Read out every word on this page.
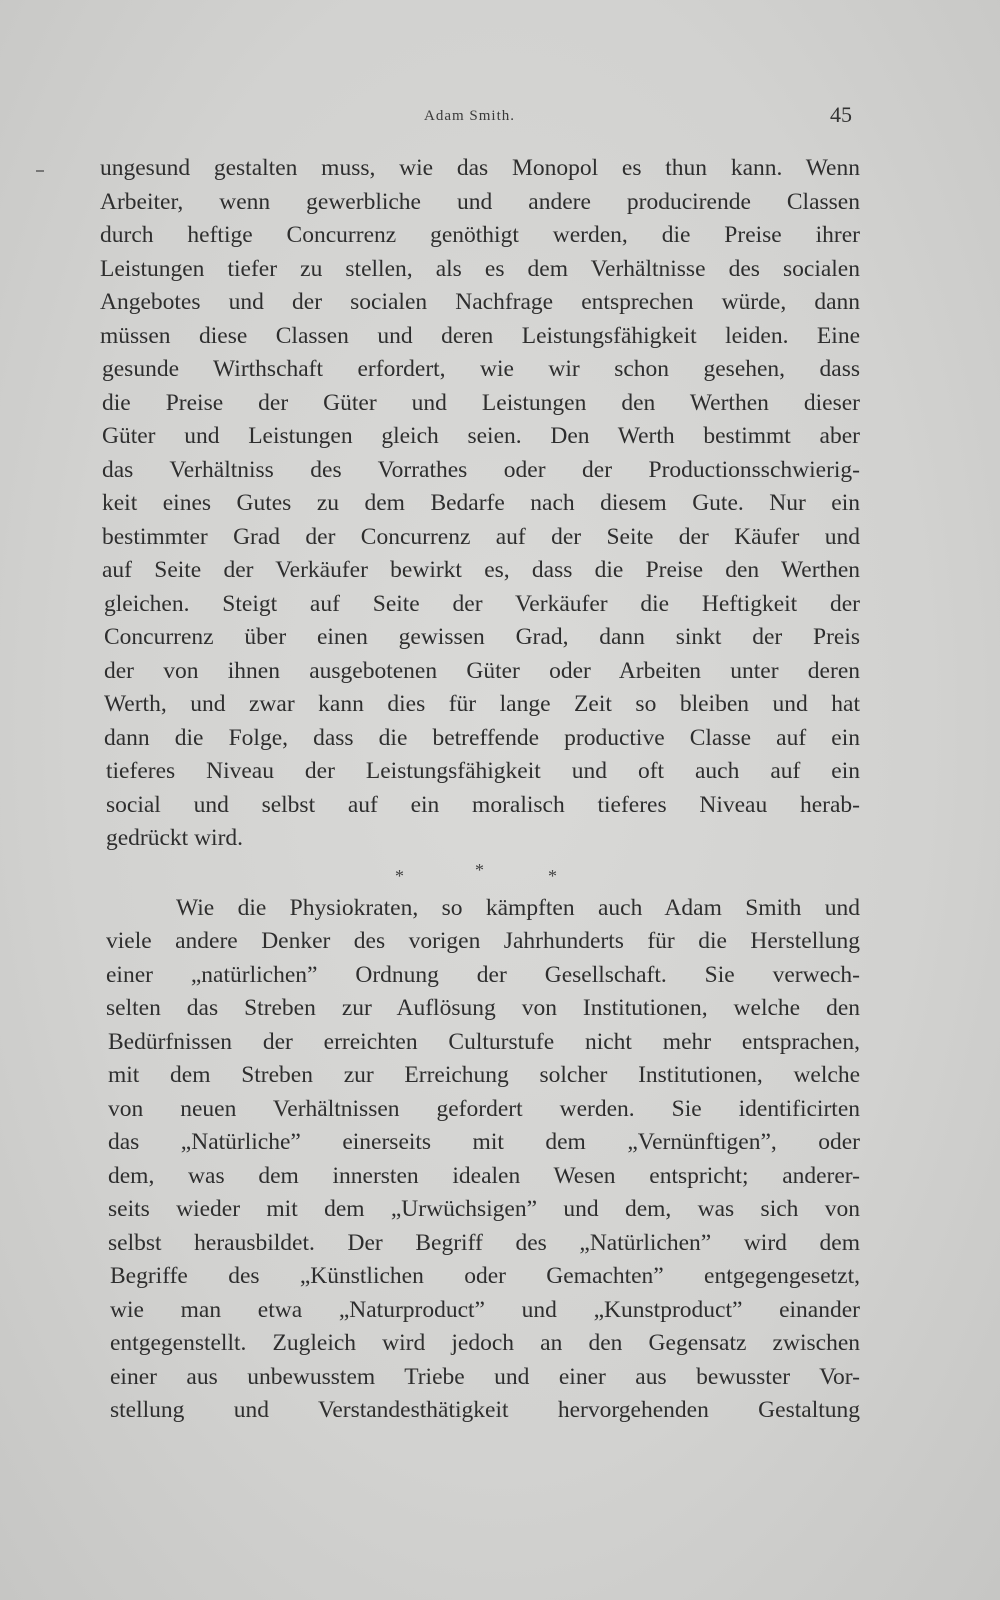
Adam Smith.	45
ungesund gestalten muss, wie das Monopol es thun kann. Wenn
Arbeiter, wenn gewerbliche und andere producirende Classen
durch heftige Concurrenz genöthigt werden, die Preise ihrer
Leistungen tiefer zu stellen, als es dem Verhältnisse des socialen
Angebotes und der socialen Nachfrage entsprechen würde, dann
müssen diese Classen und deren Leistungsfähigkeit leiden. Eine
gesunde Wirthschaft erfordert, wie wir schon gesehen, dass
die Preise der Güter und Leistungen den Werthen dieser
Güter und Leistungen gleich seien. Den Werth bestimmt aber
das Verhältniss des Vorrathes oder der Productionsschwierig-
keit eines Gutes zu dem Bedarfe nach diesem Gute. Nur ein
bestimmter Grad der Concurrenz auf der Seite der Käufer und
auf Seite der Verkäufer bewirkt es, dass die Preise den Werthen
gleichen. Steigt auf Seite der Verkäufer die Heftigkeit der
Concurrenz über einen gewissen Grad, dann sinkt der Preis
der von ihnen ausgebotenen Güter oder Arbeiten unter deren
Werth, und zwar kann dies für lange Zeit so bleiben und hat
dann die Folge, dass die betreffende productive Classe auf ein
tieferes Niveau der Leistungsfähigkeit und oft auch auf ein
social und selbst auf ein moralisch tieferes Niveau herab-
gedrückt wird.
*	*	*
Wie die Physiokraten, so kämpften auch Adam Smith und
viele andere Denker des vorigen Jahrhunderts für die Herstellung
einer „natürlichen” Ordnung der Gesellschaft. Sie verwech-
selten das Streben zur Auflösung von Institutionen, welche den
Bedürfnissen der erreichten Culturstufe nicht mehr entsprachen,
mit dem Streben zur Erreichung solcher Institutionen, welche
von neuen Verhältnissen gefordert werden. Sie identificirten
das „Natürliche” einerseits mit dem „Vernünftigen”, oder
dem, was dem innersten idealen Wesen entspricht; anderer-
seits wieder mit dem „Urwüchsigen” und dem, was sich von
selbst herausbildet. Der Begriff des „Natürlichen” wird dem
Begriffe des „Künstlichen oder Gemachten” entgegengesetzt,
wie man etwa „Naturproduct” und „Kunstproduct” einander
entgegenstellt. Zugleich wird jedoch an den Gegensatz zwischen
einer aus unbewusstem Triebe und einer aus bewusster Vor-
stellung und Verstandesthätigkeit hervorgehenden Gestaltung
